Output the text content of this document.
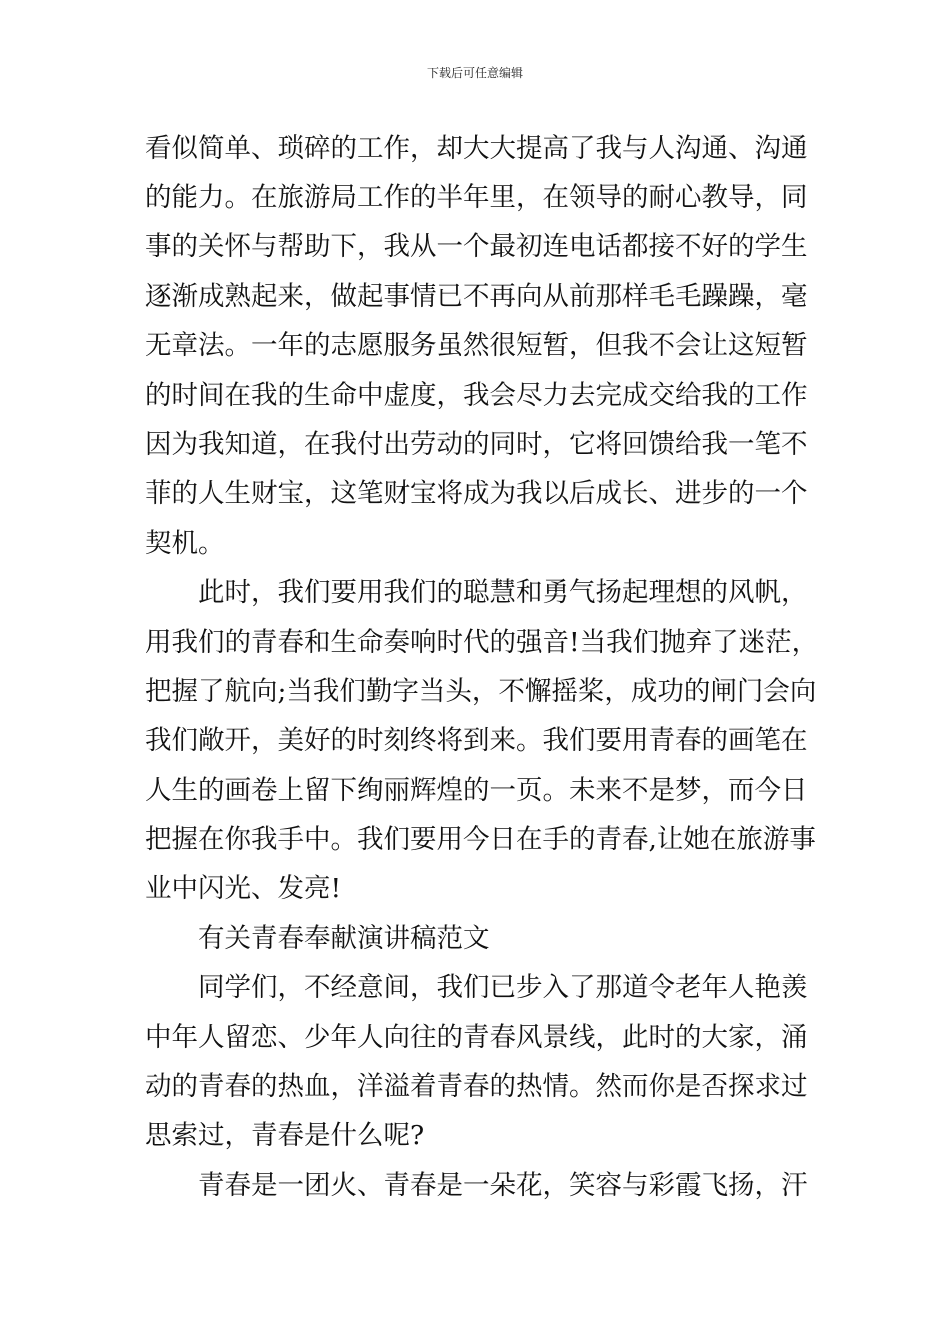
下载后可任意编辑
看似简单、琐碎的工作，却大大提高了我与人沟通、沟通
的能力。在旅游局工作的半年里，在领导的耐心教导，同
事的关怀与帮助下，我从一个最初连电话都接不好的学生
逐渐成熟起来，做起事情已不再向从前那样毛毛躁躁，毫
无章法。一年的志愿服务虽然很短暂，但我不会让这短暂
的时间在我的生命中虚度，我会尽力去完成交给我的工作
因为我知道，在我付出劳动的同时，它将回馈给我一笔不
菲的人生财宝，这笔财宝将成为我以后成长、进步的一个
契机。
此时，我们要用我们的聪慧和勇气扬起理想的风帆，
用我们的青春和生命奏响时代的强音!当我们抛弃了迷茫，
把握了航向;当我们勤字当头，不懈摇桨，成功的闸门会向
我们敞开，美好的时刻终将到来。我们要用青春的画笔在
人生的画卷上留下绚丽辉煌的一页。未来不是梦，而今日
把握在你我手中。我们要用今日在手的青春,让她在旅游事
业中闪光、发亮!
有关青春奉献演讲稿范文
同学们，不经意间，我们已步入了那道令老年人艳羡
中年人留恋、少年人向往的青春风景线，此时的大家，涌
动的青春的热血，洋溢着青春的热情。然而你是否探求过
思索过，青春是什么呢?
青春是一团火、青春是一朵花，笑容与彩霞飞扬，汗
